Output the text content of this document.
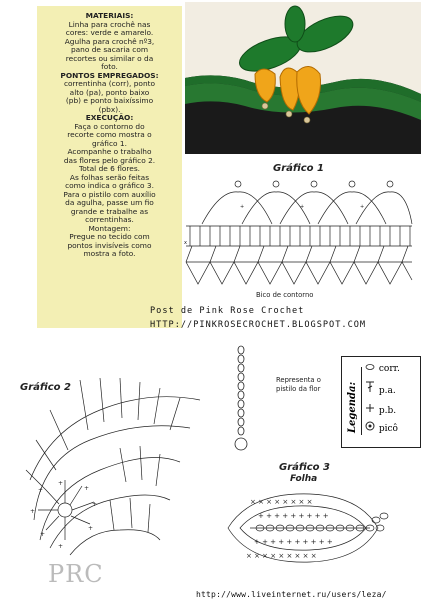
MATERIAIS:
Linha para crochê nas
cores: verde e amarelo.
Agulha para crochê nº3,
pano de sacaria com
recortes ou similar o da
foto.
PONTOS EMPREGADOS:
correntinha (corr), ponto
alto (pa), ponto baixo
(pb) e ponto baixíssimo
(pbx).
EXECUÇÃO:
Faça o contorno do
recorte como mostra o
gráfico 1.
Acompanhe o trabalho
das flores pelo gráfico 2.
Total de 6 flores.
As folhas serão feitas
como indica o gráfico 3.
Para o pistilo com auxílio
da agulha, passe um fio
grande e trabalhe as
correntinhas.
Montagem:
Pregue no tecido com
pontos invisíveis como
mostra a foto.
Gráfico 1
x
+
+	+
Bico de contorno
Post de Pink Rose Crochet
HTTP://PINKROSECROCHET.BLOGSPOT.COM
Gráfico 2
+
+
+
+
+
+
+
+
Representa o
pistilo da flor	Legenda:
corr.
p.a.
p.b.
picô
Gráfico 3
Folha
+ + + + + + + + +
+ + + + + + + + + +
× × × × × × × ×
× × × × × × × × ×
PRC
http://www.liveinternet.ru/users/leza/
